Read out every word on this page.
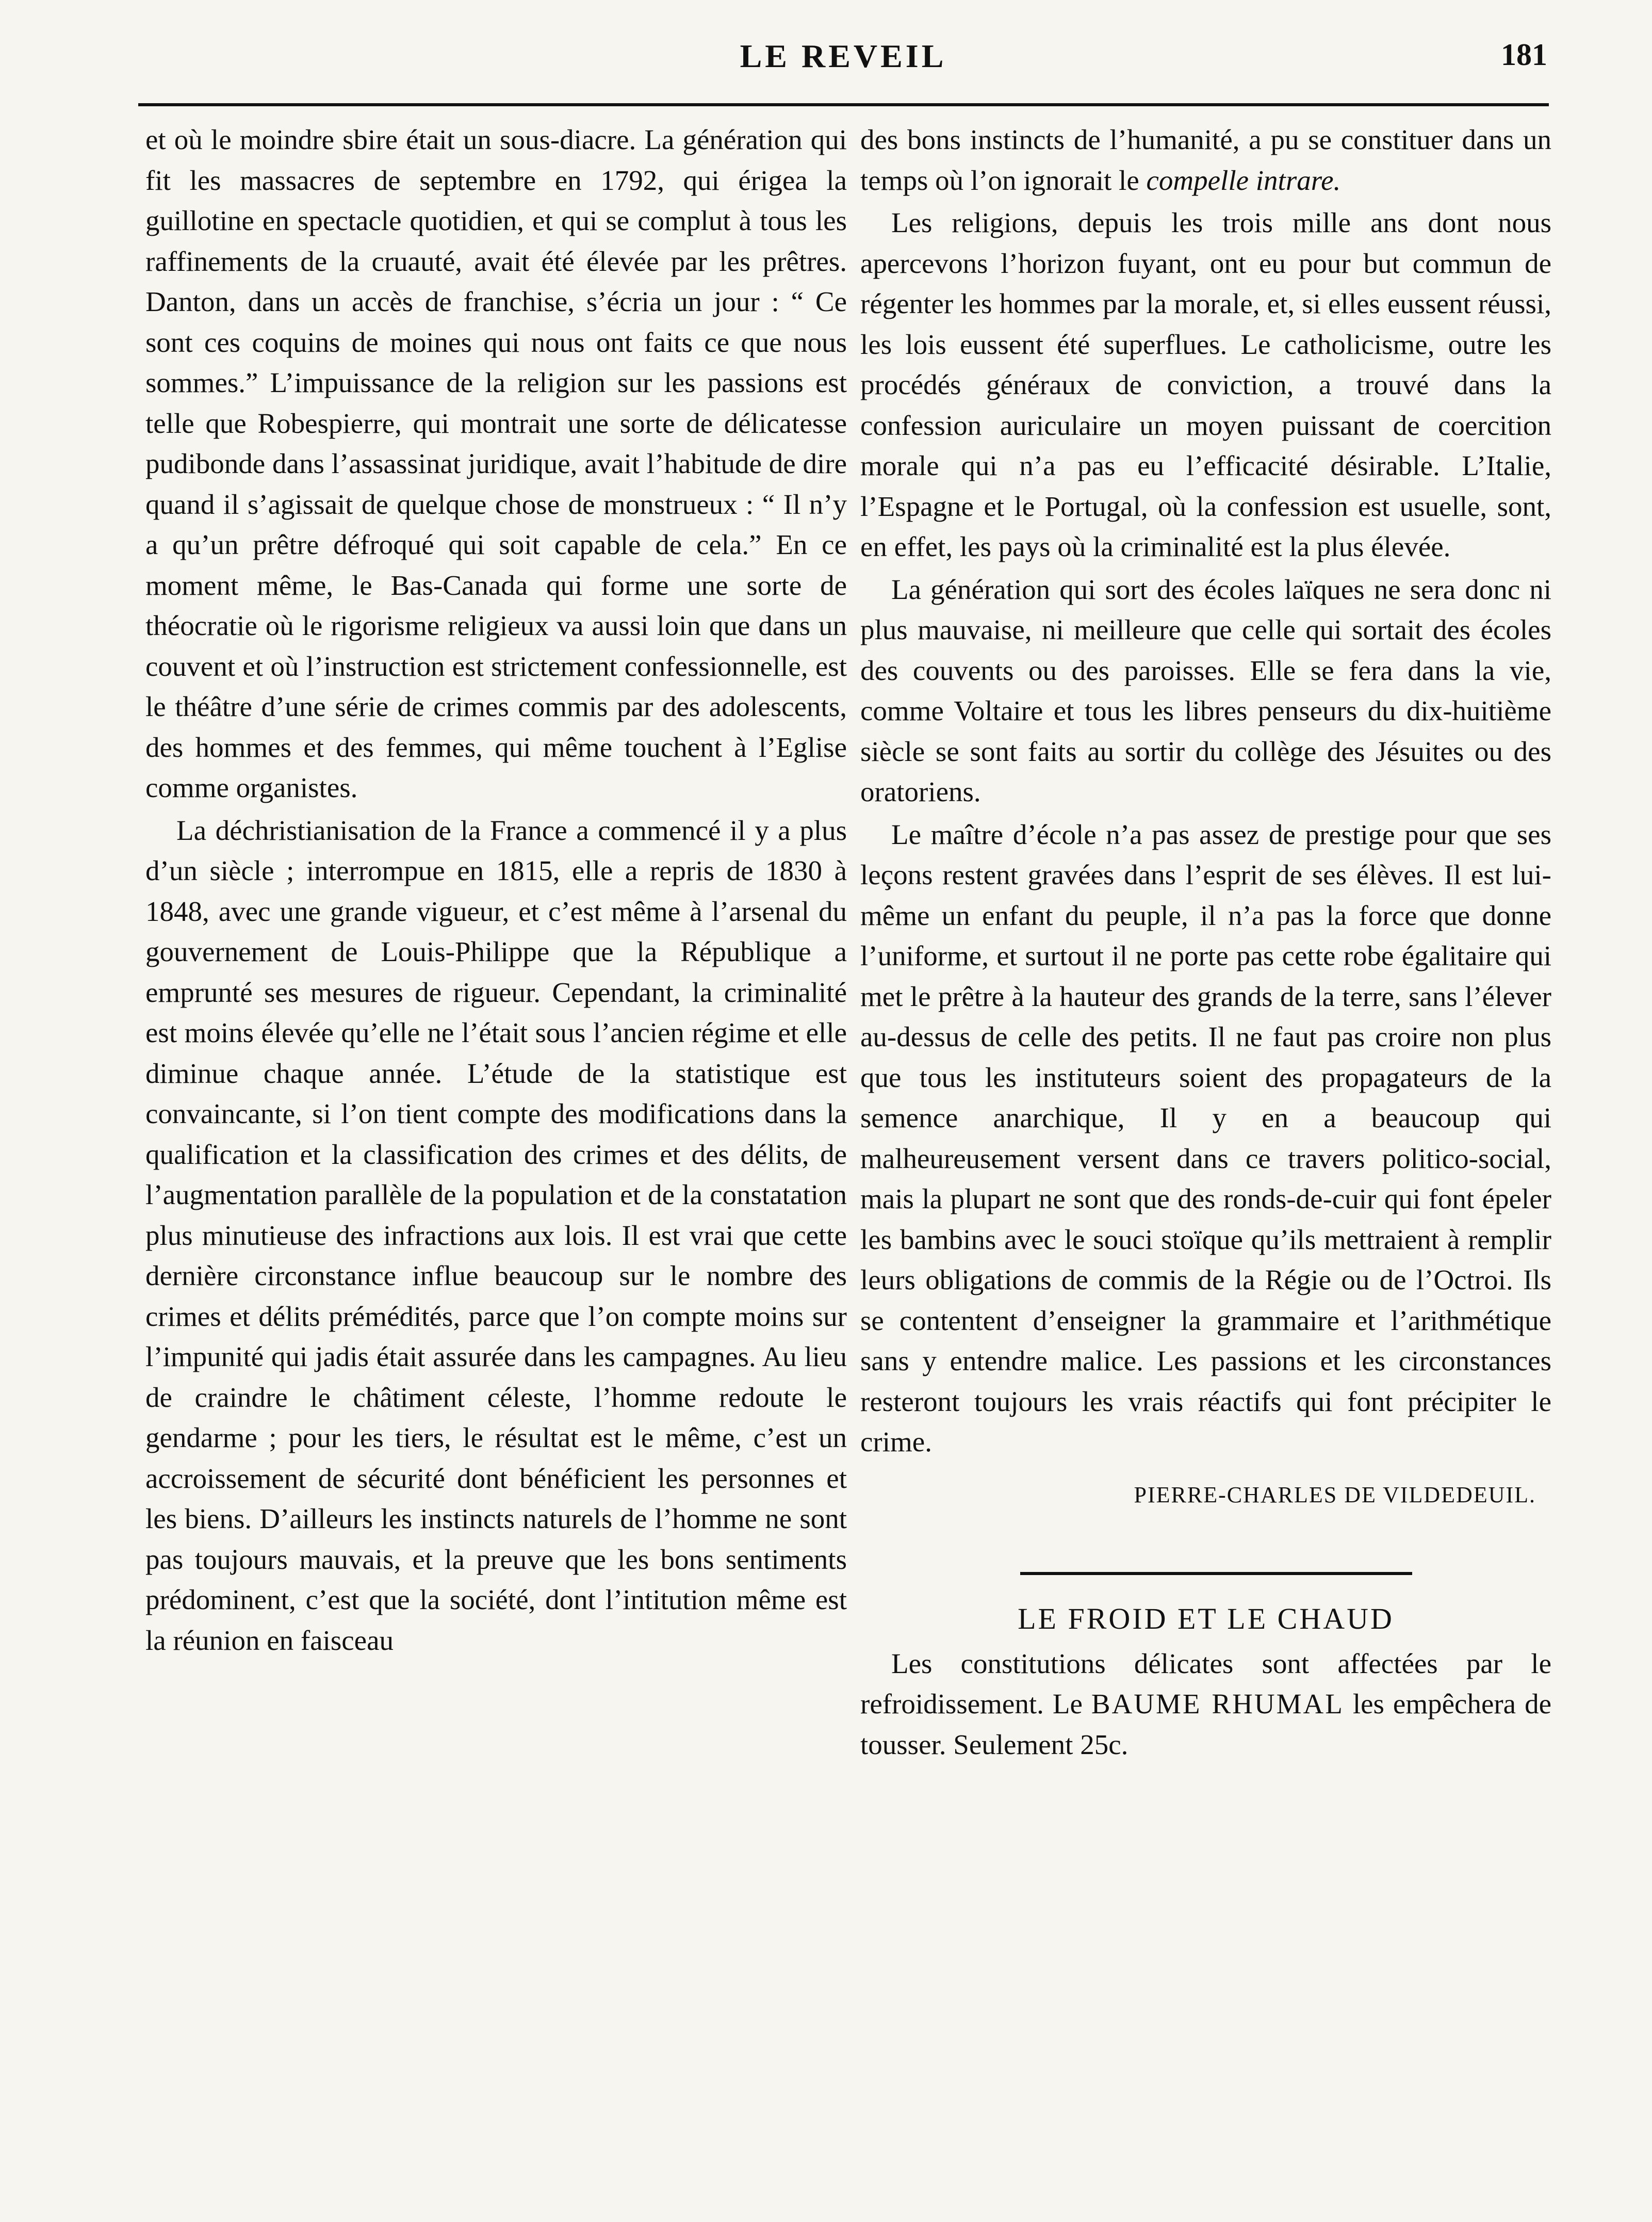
LE REVEIL	181

et où le moindre sbire était un sous-diacre. La génération qui fit les massacres de septembre en 1792, qui érigea la guillotine en spectacle quotidien, et qui se complut à tous les raffinements de la cruauté, avait été élevée par les prêtres. Danton, dans un accès de franchise, s’écria un jour : “ Ce sont ces coquins de moines qui nous ont faits ce que nous sommes.” L’impuissance de la religion sur les passions est telle que Robespierre, qui montrait une sorte de délicatesse pudibonde dans l’assassinat juridique, avait l’habitude de dire quand il s’agissait de quelque chose de monstrueux : “ Il n’y a qu’un prêtre défroqué qui soit capable de cela.” En ce moment même, le Bas-Canada qui forme une sorte de théocratie où le rigorisme religieux va aussi loin que dans un couvent et où l’instruction est strictement confessionnelle, est le théâtre d’une série de crimes commis par des adolescents, des hommes et des femmes, qui même touchent à l’Eglise comme organistes.

La déchristianisation de la France a commencé il y a plus d’un siècle ; interrompue en 1815, elle a repris de 1830 à 1848, avec une grande vigueur, et c’est même à l’arsenal du gouvernement de Louis-Philippe que la République a emprunté ses mesures de rigueur. Cependant, la criminalité est moins élevée qu’elle ne l’était sous l’ancien régime et elle diminue chaque année. L’étude de la statistique est convaincante, si l’on tient compte des modifications dans la qualification et la classification des crimes et des délits, de l’augmentation parallèle de la population et de la constatation plus minutieuse des infractions aux lois. Il est vrai que cette dernière circonstance influe beaucoup sur le nombre des crimes et délits prémédités, parce que l’on compte moins sur l’impunité qui jadis était assurée dans les campagnes. Au lieu de craindre le châtiment céleste, l’homme redoute le gendarme ; pour les tiers, le résultat est le même, c’est un accroissement de sécurité dont bénéficient les personnes et les biens. D’ailleurs les instincts naturels de l’homme ne sont pas toujours mauvais, et la preuve que les bons sentiments prédominent, c’est que la société, dont l’intitution même est la réunion en faisceau

des bons instincts de l’humanité, a pu se constituer dans un temps où l’on ignorait le compelle intrare.

Les religions, depuis les trois mille ans dont nous apercevons l’horizon fuyant, ont eu pour but commun de régenter les hommes par la morale, et, si elles eussent réussi, les lois eussent été superflues. Le catholicisme, outre les procédés généraux de conviction, a trouvé dans la confession auriculaire un moyen puissant de coercition morale qui n’a pas eu l’efficacité désirable. L’Italie, l’Espagne et le Portugal, où la confession est usuelle, sont, en effet, les pays où la criminalité est la plus élevée.

La génération qui sort des écoles laïques ne sera donc ni plus mauvaise, ni meilleure que celle qui sortait des écoles des couvents ou des paroisses. Elle se fera dans la vie, comme Voltaire et tous les libres penseurs du dix-huitième siècle se sont faits au sortir du collège des Jésuites ou des oratoriens.

Le maître d’école n’a pas assez de prestige pour que ses leçons restent gravées dans l’esprit de ses élèves. Il est lui-même un enfant du peuple, il n’a pas la force que donne l’uniforme, et surtout il ne porte pas cette robe égalitaire qui met le prêtre à la hauteur des grands de la terre, sans l’élever au-dessus de celle des petits. Il ne faut pas croire non plus que tous les instituteurs soient des propagateurs de la semence anarchique, Il y en a beaucoup qui malheureusement versent dans ce travers politico-social, mais la plupart ne sont que des ronds-de-cuir qui font épeler les bambins avec le souci stoïque qu’ils mettraient à remplir leurs obligations de commis de la Régie ou de l’Octroi. Ils se contentent d’enseigner la grammaire et l’arithmétique sans y entendre malice. Les passions et les circonstances resteront toujours les vrais réactifs qui font précipiter le crime.

PIERRE-CHARLES DE VILDEDEUIL.
LE FROID ET LE CHAUD

Les constitutions délicates sont affectées par le refroidissement. Le BAUME RHUMAL les empêchera de tousser. Seulement 25c.
